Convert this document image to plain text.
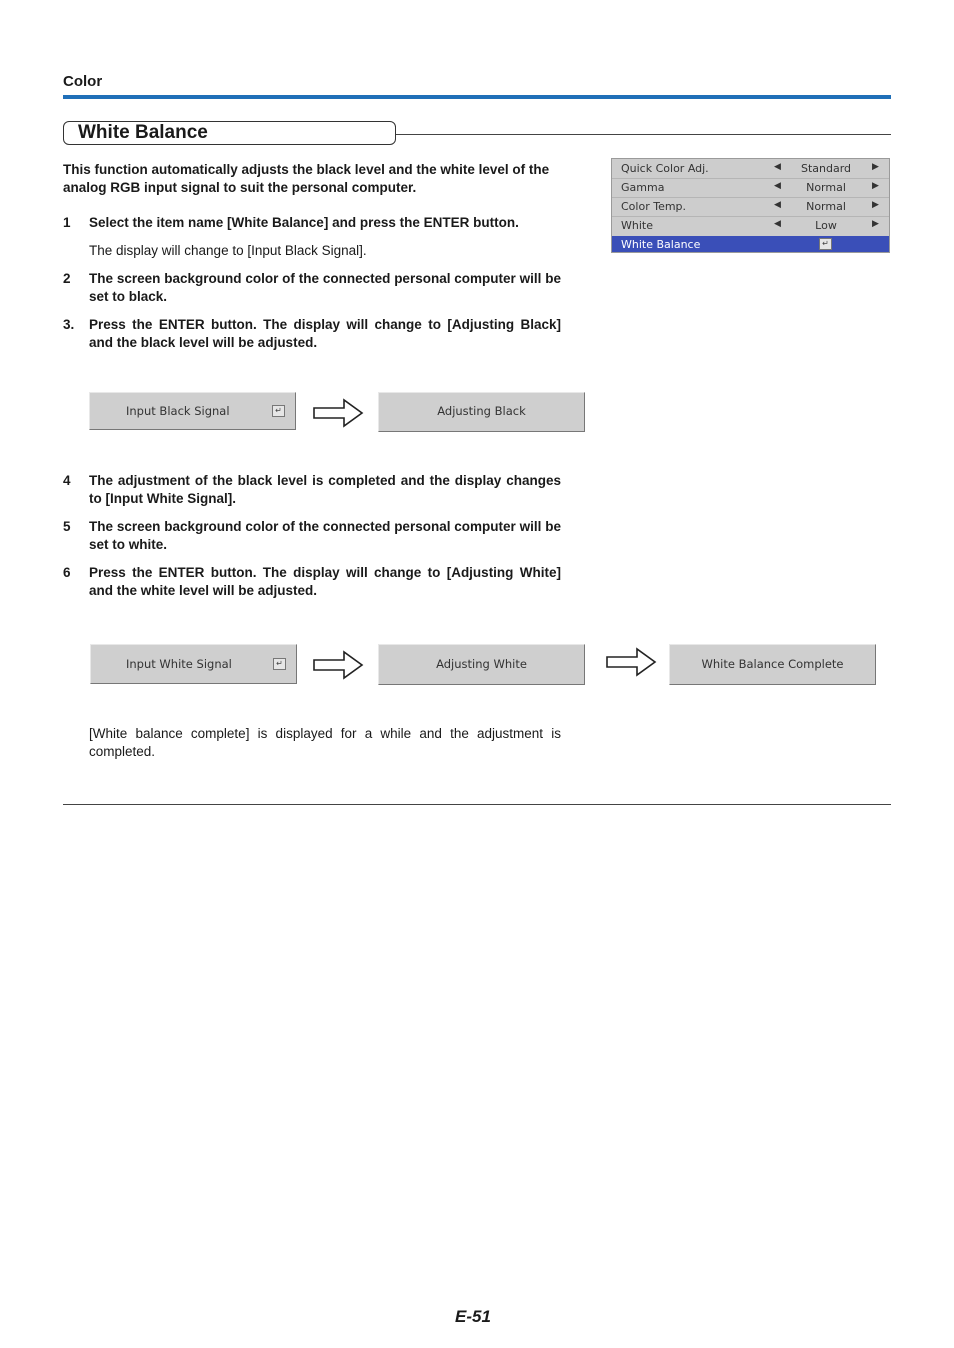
Color
White Balance
This function automatically adjusts the black level and the white level of the analog RGB input signal to suit the personal computer.
1 Select the item name [White Balance] and press the ENTER button.
The display will change to [Input Black Signal].
2 The screen background color of the connected personal computer will be set to black.
3. Press the ENTER button. The display will change to [Adjusting Black] and the black level will be adjusted.
Quick Color Adj.	◀	Standard	▶
Gamma	◀	Normal	▶
Color Temp.	◀	Normal	▶
White	◀	Low	▶
White Balance	↵
Input Black Signal	↵	Adjusting Black
4 The adjustment of the black level is completed and the display changes to [Input White Signal].
5 The screen background color of the connected personal computer will be set to white.
6 Press the ENTER button. The display will change to [Adjusting White] and the white level will be adjusted.
Input White Signal	↵	Adjusting White	White Balance Complete
[White balance complete] is displayed for a while and the adjustment is completed.
E-51
